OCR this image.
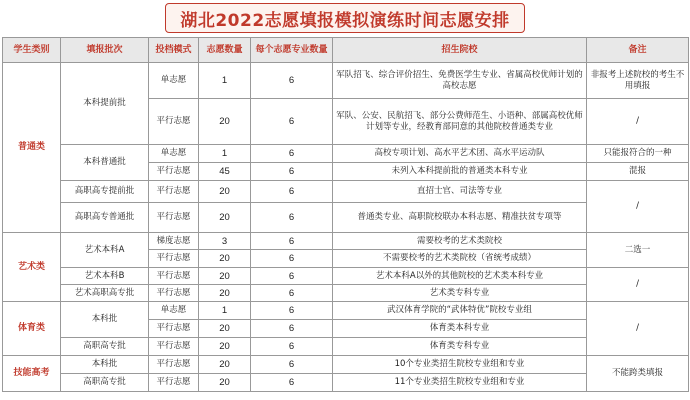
湖北2022志愿填报模拟演练时间志愿安排
学生类别	填报批次	投档模式	志愿数量	每个志愿专业数量	招生院校	备注
普通类	本科提前批	单志愿	1	6	军队招飞、综合评价招生、免费医学生专业、省属高校优师计划的高校志愿	非报考上述院校的考生不用填报
		平行志愿	20	6	军队、公安、民航招飞、部分公费师范生、小语种、部属高校优师计划等专业，经教育部同意的其他院校普通类专业	/
	本科普通批	单志愿	1	6	高校专项计划、高水平艺术团、高水平运动队	只能报符合的一种
		平行志愿	45	6	未列入本科提前批的普通类本科专业	混报
	高职高专提前批	平行志愿	20	6	直招士官、司法等专业	/
	高职高专普通批	平行志愿	20	6	普通类专业、高职院校联办本科志愿、精准扶贫专项等	
艺术类	艺术本科A	梯度志愿	3	6	需要校考的艺术类院校	二选一
		平行志愿	20	6	不需要校考的艺术类院校（省统考成绩）	
	艺术本科B	平行志愿	20	6	艺术本科A以外的其他院校的艺术类本科专业	/
	艺术高职高专批	平行志愿	20	6	艺术类专科专业	
体育类	本科批	单志愿	1	6	武汉体育学院的“武体特优”院校专业组	/
		平行志愿	20	6	体育类本科专业	
	高职高专批	平行志愿	20	6	体育类专科专业	
技能高考	本科批	平行志愿	20	6	10个专业类招生院校专业组和专业	不能跨类填报
	高职高专批	平行志愿	20	6	11个专业类招生院校专业组和专业	
